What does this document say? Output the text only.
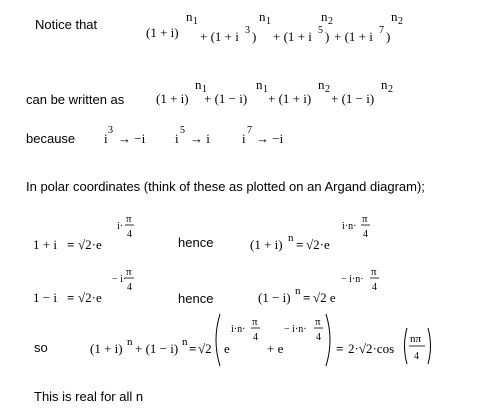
Notice that
(1 + i)
n 1
+ (1 + i 3 )
n 1
+ (1 + i 5 )
n 2
+ (1 + i 7 )
n 2
can be written as (1 + i)
n 1
+ (1 − i)
n 1
+ (1 + i)
n 2
+ (1 − i)
n 2
because i
3
→ −i i
5
→ i i
7
→ −i
In polar coordinates (think of these as plotted on an Argand diagram);
1 + i = √2·e
i·
π
4
hence	(1 + i) n = √2·e
i·n·
π
4
1 − i = √2·e
− i·
π
4
hence	(1 − i) n = √2 e
− i·n·
π
4
so	(1 + i) n + (1 − i) n = √2 e
i·n·
π
4
+ e
− i·n·
π
4
= 2·√2·cos
nπ
4
This is real for all n
